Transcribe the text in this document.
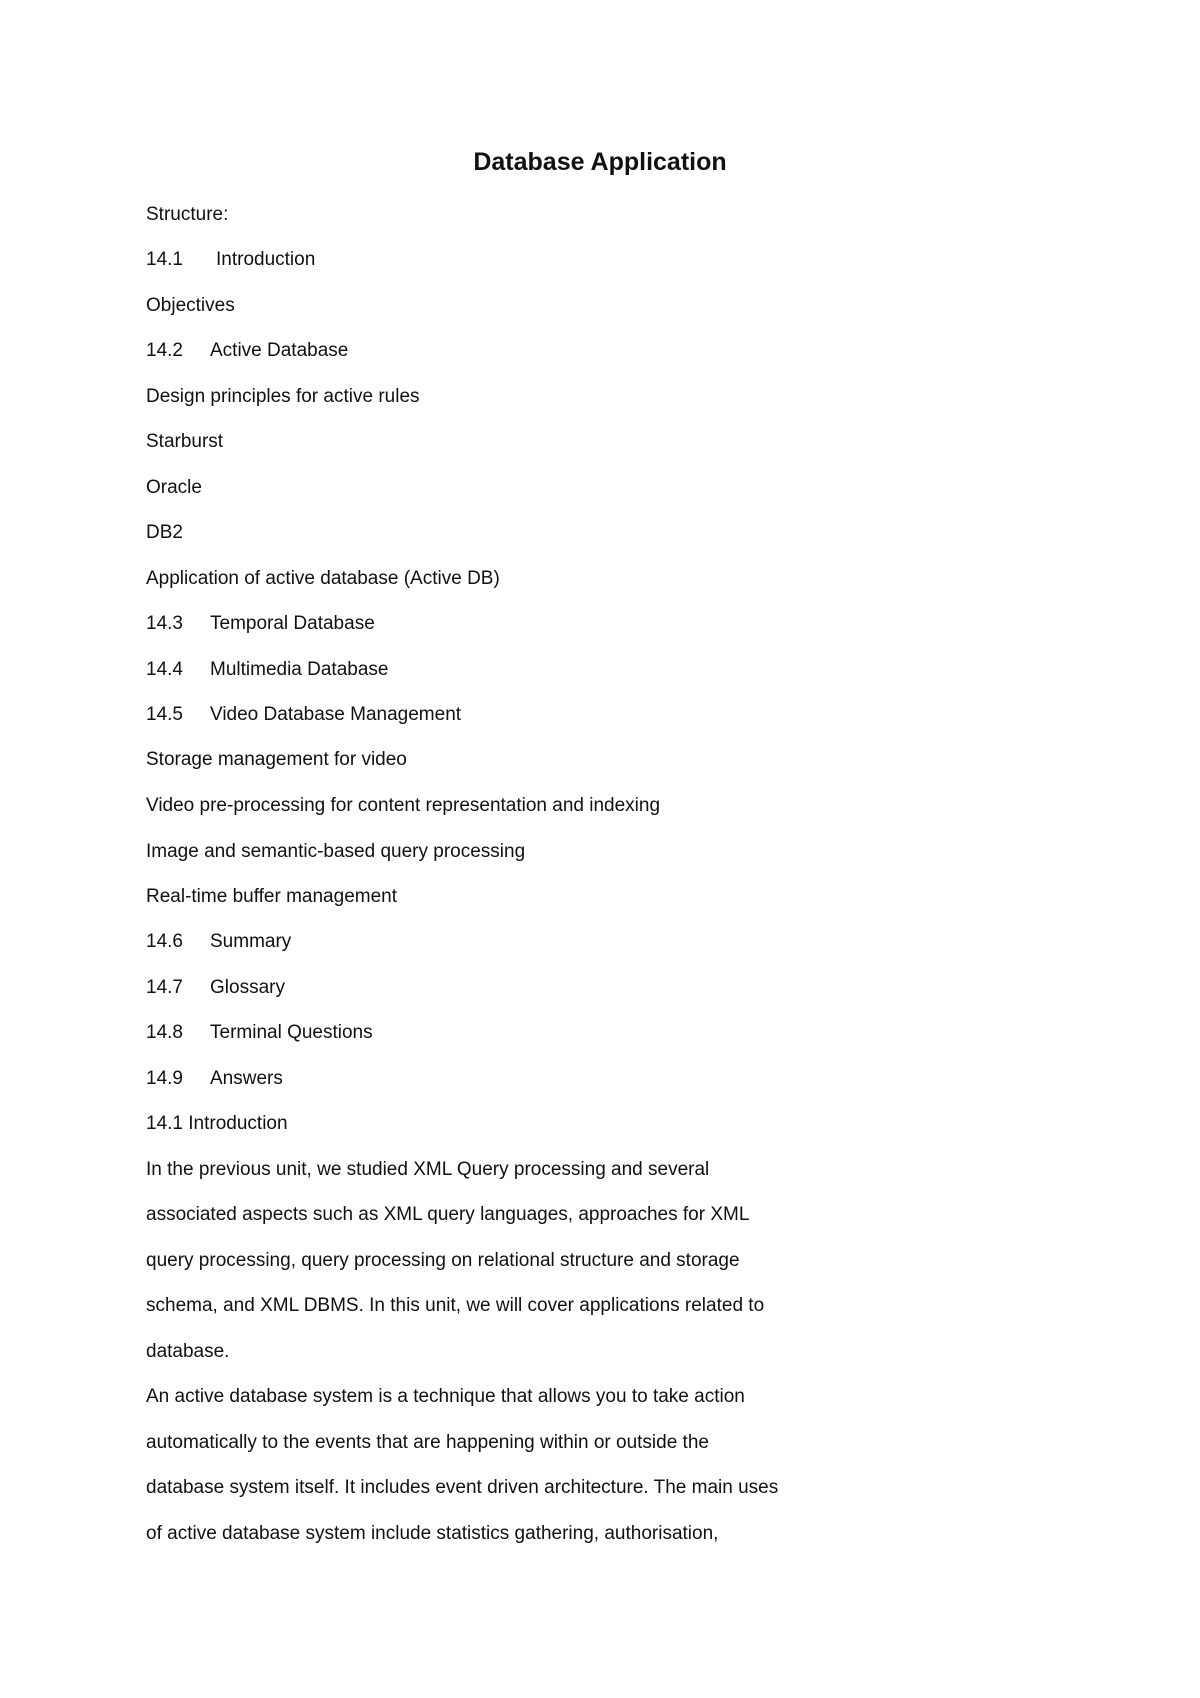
Database Application
Structure:
14.1 Introduction
Objectives
14.2 Active Database
Design principles for active rules
Starburst
Oracle
DB2
Application of active database (Active DB)
14.3 Temporal Database
14.4 Multimedia Database
14.5 Video Database Management
Storage management for video
Video pre-processing for content representation and indexing
Image and semantic-based query processing
Real-time buffer management
14.6 Summary
14.7 Glossary
14.8 Terminal Questions
14.9 Answers
14.1 Introduction
In the previous unit, we studied XML Query processing and several
associated aspects such as XML query languages, approaches for XML
query processing, query processing on relational structure and storage
schema, and XML DBMS. In this unit, we will cover applications related to
database.
An active database system is a technique that allows you to take action
automatically to the events that are happening within or outside the
database system itself. It includes event driven architecture. The main uses
of active database system include statistics gathering, authorisation,
